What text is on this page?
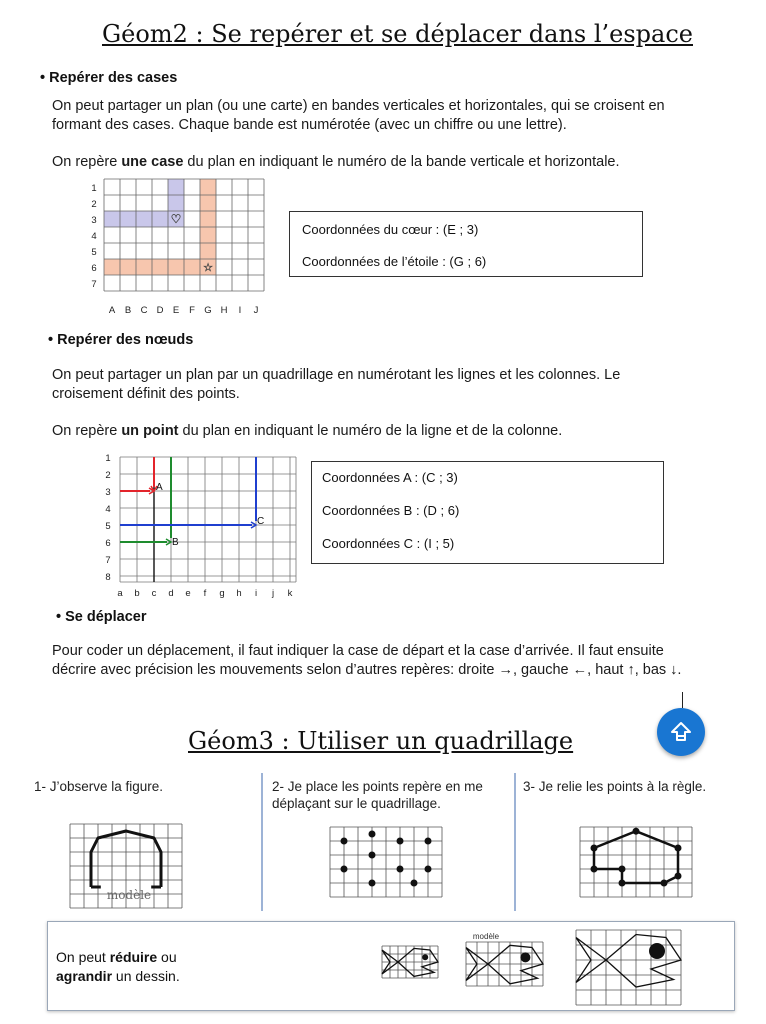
Géom2 : Se repérer et se déplacer dans l’espace
• Repérer des cases
On peut partager un plan (ou une carte) en bandes verticales et horizontales, qui se croisent en formant des cases. Chaque bande est numérotée (avec un chiffre ou une lettre).
On repère une case du plan en indiquant le numéro de la bande verticale et horizontale.
1
2
3
4
5
6
7
A B C D E F G H I J
♡
☆

Coordonnées du cœur : (E ; 3)

Coordonnées de l’étoile : (G ; 6)

• Repérer des nœuds
On peut partager un plan par un quadrillage en numérotant les lignes et les colonnes. Le croisement définit des points.
On repère un point du plan en indiquant le numéro de la ligne et de la colonne.
1
2
3
4
5
6
7
8
a b c d e f g h i j k
A
B
C

Coordonnées A : (C ; 3)

Coordonnées B : (D ; 6)

Coordonnées C : (I ; 5)

• Se déplacer
Pour coder un déplacement, il faut indiquer la case de départ et la case d’arrivée. Il faut ensuite décrire avec précision les mouvements selon d’autres repères: droite →, gauche ←, haut ↑, bas ↓.
Géom3 : Utiliser un quadrillage
1- J’observe la figure.	2- Je place les points repère en me déplaçant sur le quadrillage.
3- Je relie les points à la règle.
modèle
On peut réduire ou
agrandir un dessin.
modèle
